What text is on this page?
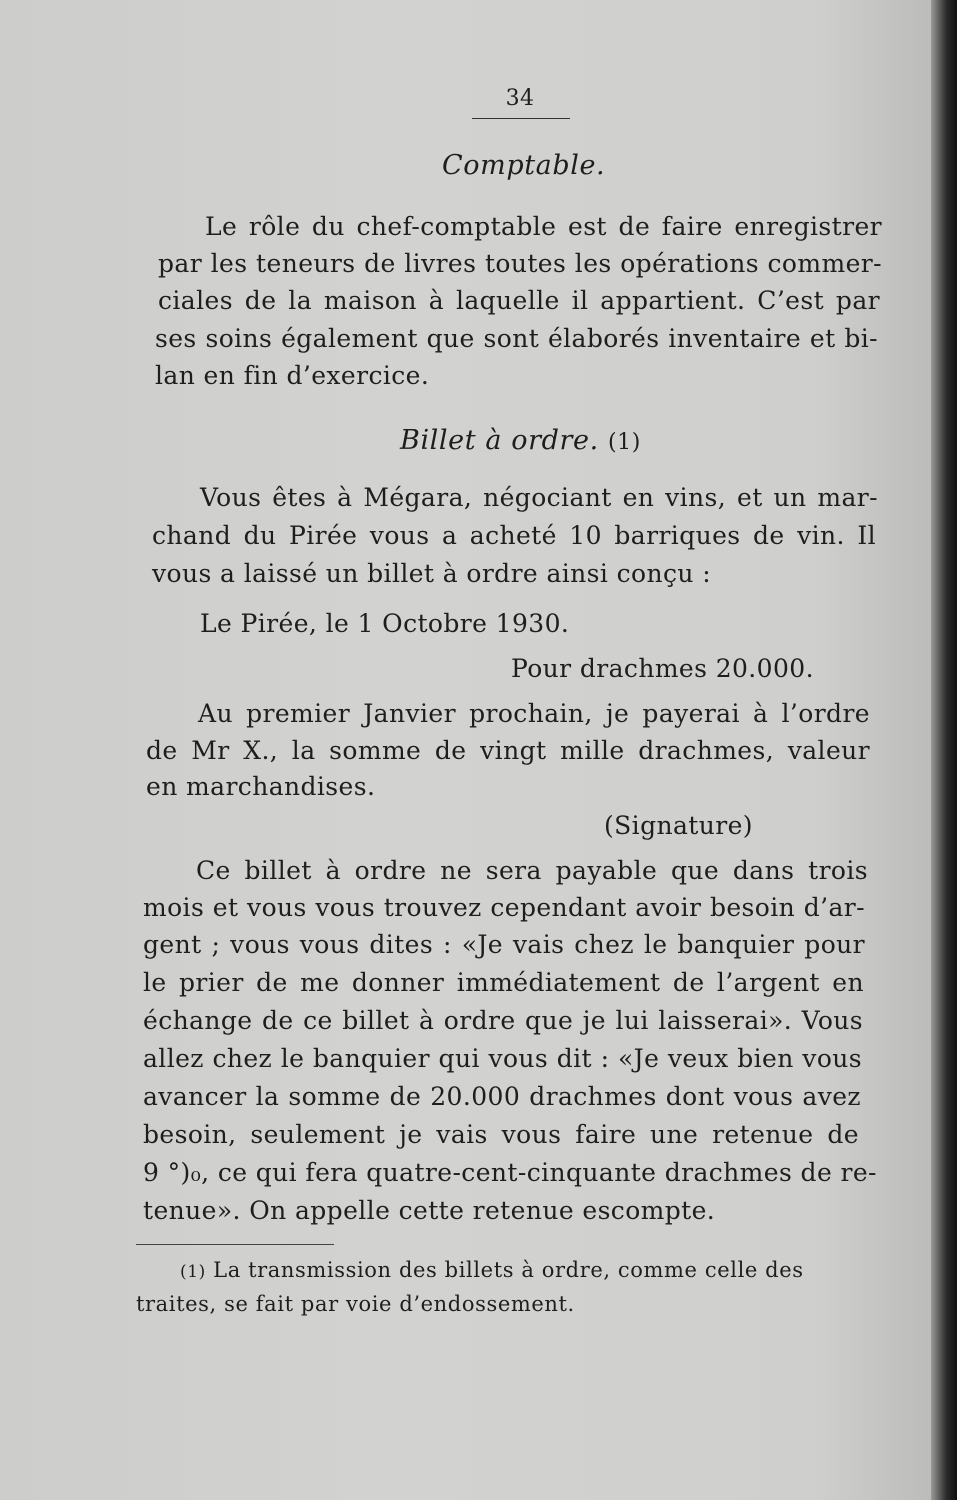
34
Comptable.
Le rôle du chef-comptable est de faire enregistrer
par les teneurs de livres toutes les opérations commer-
ciales de la maison à laquelle il appartient. C’est par
ses soins également que sont élaborés inventaire et bi-
lan en fin d’exercice.
Billet à ordre. (1)
Vous êtes à Mégara, négociant en vins, et un mar-
chand du Pirée vous a acheté 10 barriques de vin. Il
vous a laissé un billet à ordre ainsi conçu :
Le Pirée, le 1 Octobre 1930.
Pour drachmes 20.000.
Au premier Janvier prochain, je payerai à l’ordre
de Mr X., la somme de vingt mille drachmes, valeur
en marchandises.
(Signature)
Ce billet à ordre ne sera payable que dans trois
mois et vous vous trouvez cependant avoir besoin d’ar-
gent ; vous vous dites : «Je vais chez le banquier pour
le prier de me donner immédiatement de l’argent en
échange de ce billet à ordre que je lui laisserai». Vous
allez chez le banquier qui vous dit : «Je veux bien vous
avancer la somme de 20.000 drachmes dont vous avez
besoin, seulement je vais vous faire une retenue de
9 °)₀, ce qui fera quatre-cent-cinquante drachmes de re-
tenue». On appelle cette retenue escompte.
(1) La transmission des billets à ordre, comme celle des
traites, se fait par voie d’endossement.
